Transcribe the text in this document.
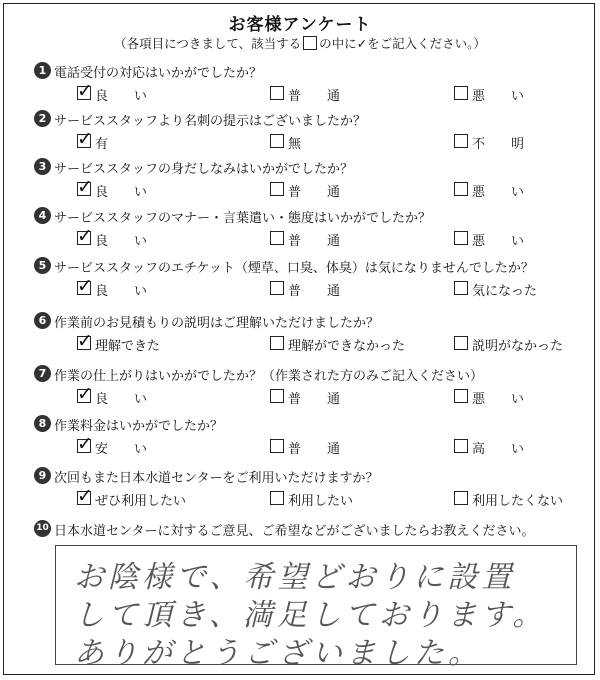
お客様アンケート
（各項目につきまして、該当する の中に✓をご記入ください。）
1 電話受付の対応はいかがでしたか？
✓ 良　　い	普　　通	悪　　い
2 サービススタッフより名刺の提示はございましたか？
✓ 有	無	不　　明
3 サービススタッフの身だしなみはいかがでしたか？
✓ 良　　い	普　　通	悪　　い
4 サービススタッフのマナー・言葉遣い・態度はいかがでしたか？
✓ 良　　い	普　　通	悪　　い
5 サービススタッフのエチケット（煙草、口臭、体臭）は気になりませんでしたか？
✓ 良　　い	普　　通	気になった
6 作業前のお見積もりの説明はご理解いただけましたか？
✓ 理解できた	理解ができなかった	説明がなかった
7 作業の仕上がりはいかがでしたか？（作業された方のみご記入ください）
✓ 良　　い	普　　通	悪　　い
8 作業料金はいかがでしたか？
✓ 安　　い	普　　通	高　　い
9 次回もまた日本水道センターをご利用いただけますか？
✓ ぜひ利用したい	利用したい	利用したくない
10 日本水道センターに対するご意見、ご希望などがございましたらお教えください。
お陰様で、希望どおりに設置
して頂き、満足しております。
ありがとうございました。
